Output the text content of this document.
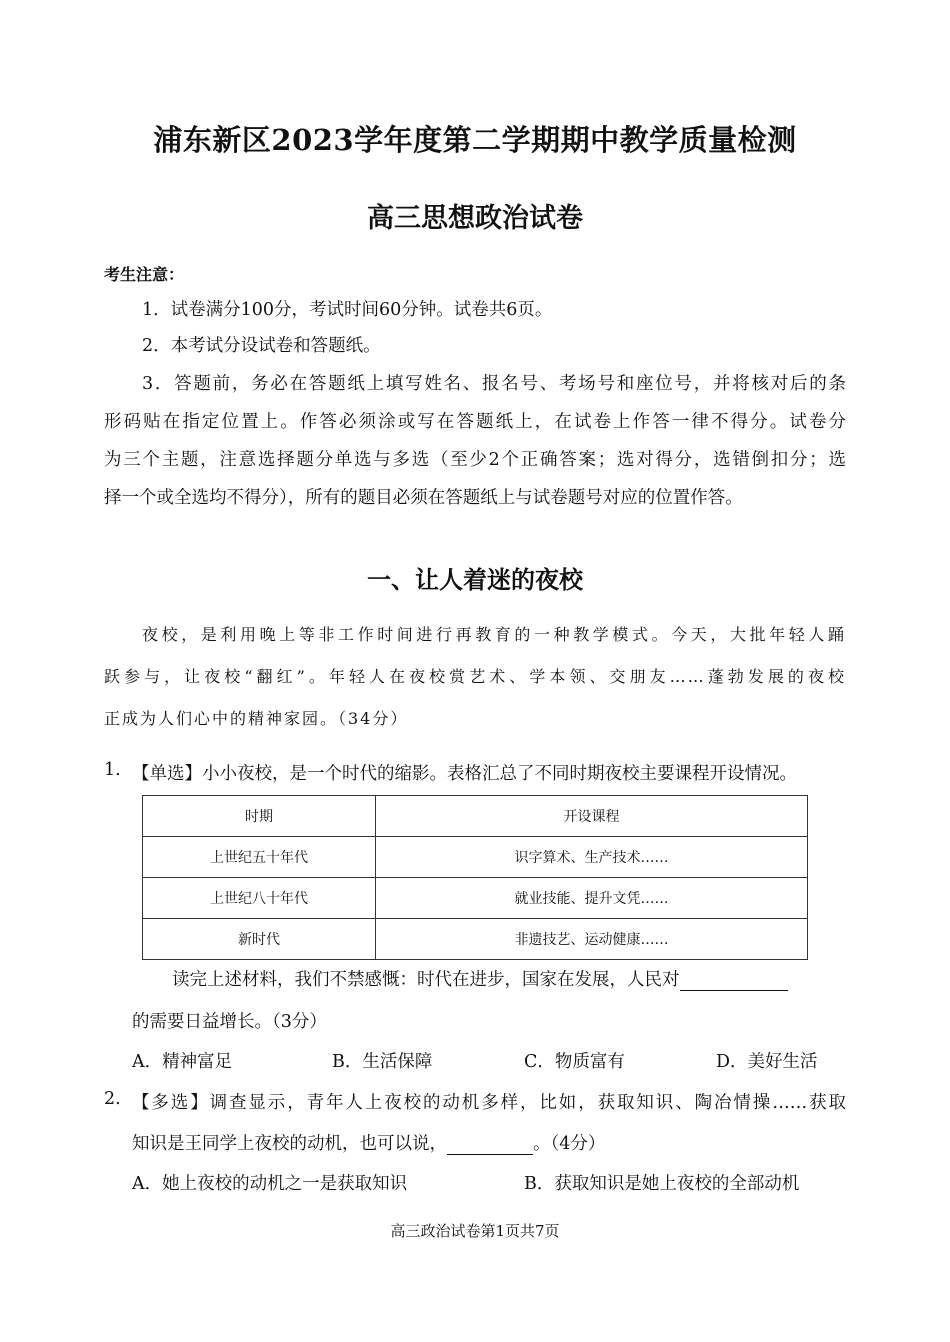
浦东新区2023学年度第二学期期中教学质量检测
高三思想政治试卷
考生注意：
1．试卷满分100分，考试时间60分钟。试卷共6页。
2．本考试分设试卷和答题纸。
3．答题前，务必在答题纸上填写姓名、报名号、考场号和座位号，并将核对后的条
形码贴在指定位置上。作答必须涂或写在答题纸上，在试卷上作答一律不得分。试卷分
为三个主题，注意选择题分单选与多选（至少2个正确答案；选对得分，选错倒扣分；选
择一个或全选均不得分），所有的题目必须在答题纸上与试卷题号对应的位置作答。
一、让人着迷的夜校
夜校，是利用晚上等非工作时间进行再教育的一种教学模式。今天，大批年轻人踊
跃参与，让夜校“翻红”。年轻人在夜校赏艺术、学本领、交朋友……蓬勃发展的夜校
正成为人们心中的精神家园。（34分）
1. 【单选】小小夜校，是一个时代的缩影。表格汇总了不同时期夜校主要课程开设情况。
时期	开设课程
上世纪五十年代	识字算术、生产技术……
上世纪八十年代	就业技能、提升文凭……
新时代	非遗技艺、运动健康……
读完上述材料，我们不禁感慨：时代在进步，国家在发展，人民对
的需要日益增长。（3分）
A．精神富足	B．生活保障	C．物质富有	D．美好生活
2. 【多选】调查显示，青年人上夜校的动机多样，比如，获取知识、陶冶情操……获取
知识是王同学上夜校的动机，也可以说，	。（4分）
A．她上夜校的动机之一是获取知识	B．获取知识是她上夜校的全部动机
高三政治试卷第1页共7页
